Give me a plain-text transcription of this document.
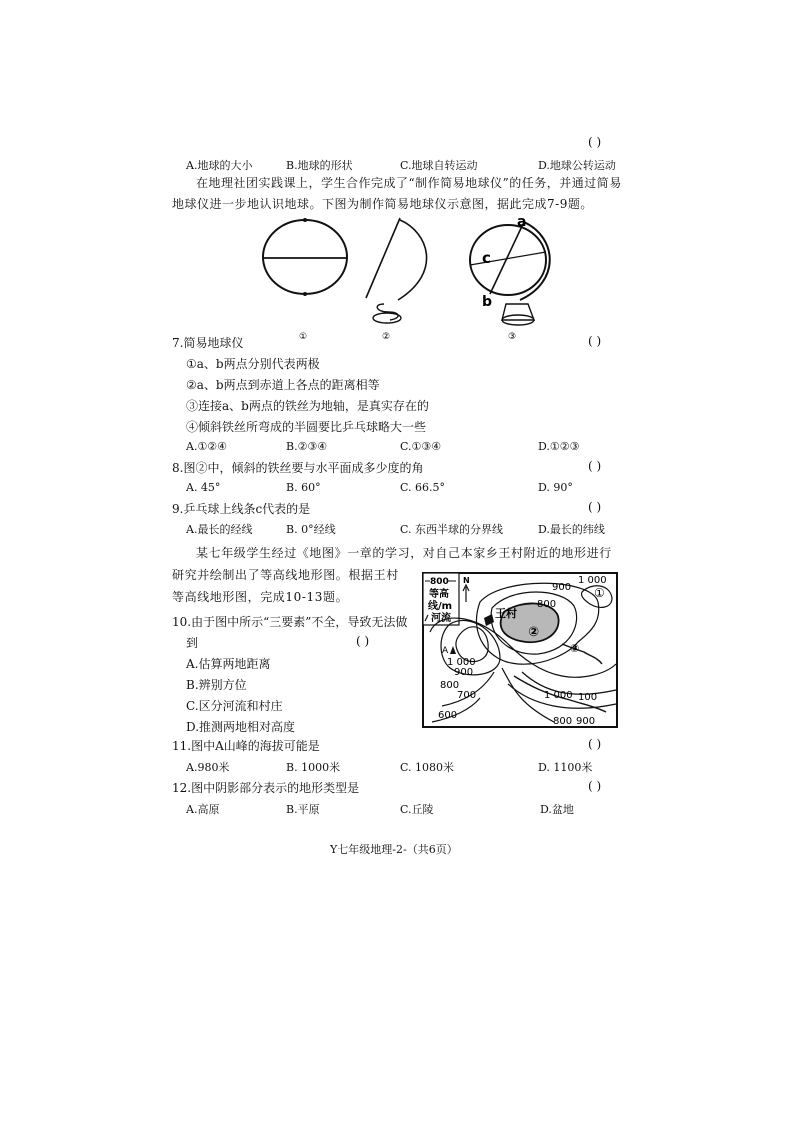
( )
A.地球的大小	B.地球的形状	C.地球自转运动	D.地球公转运动
在地理社团实践课上，学生合作完成了“制作简易地球仪”的任务，并通过简易地球仪进一步地认识地球。下图为制作简易地球仪示意图，据此完成7-9题。
a
c
b
①	②	③
7.简易地球仪	( )
①a、b两点分别代表两极
②a、b两点到赤道上各点的距离相等
③连接a、b两点的铁丝为地轴，是真实存在的
④倾斜铁丝所弯成的半圆要比乒乓球略大一些
A.①②④	B.②③④	C.①③④	D.①②③
8.图②中，倾斜的铁丝要与水平面成多少度的角	( )
A. 45°	B. 60°	C. 66.5°	D. 90°
9.乒乓球上线条c代表的是	( )
A.最长的经线	B. 0°经线	C. 东西半球的分界线	D.最长的纬线
某七年级学生经过《地图》一章的学习，对自己本家乡王村附近的地形进行
研究并绘制出了等高线地形图。根据王村
等高线地形图，完成10-13题。
10.由于图中所示“三要素”不全，导致无法做
到	( )
A.估算两地距离
B.辨别方位
C.区分河流和村庄
D.推测两地相对高度
800
等高
线/m
河流
N
王村
A
①
②
③
900
1 000
800
900
1 000
800
700	1 000 100
600
800 900
11.图中A山峰的海拔可能是	( )
A.980米	B. 1000米	C. 1080米	D. 1100米
12.图中阴影部分表示的地形类型是	( )
A.高原	B.平原	C.丘陵	D.盆地
Y七年级地理-2-（共6页）
